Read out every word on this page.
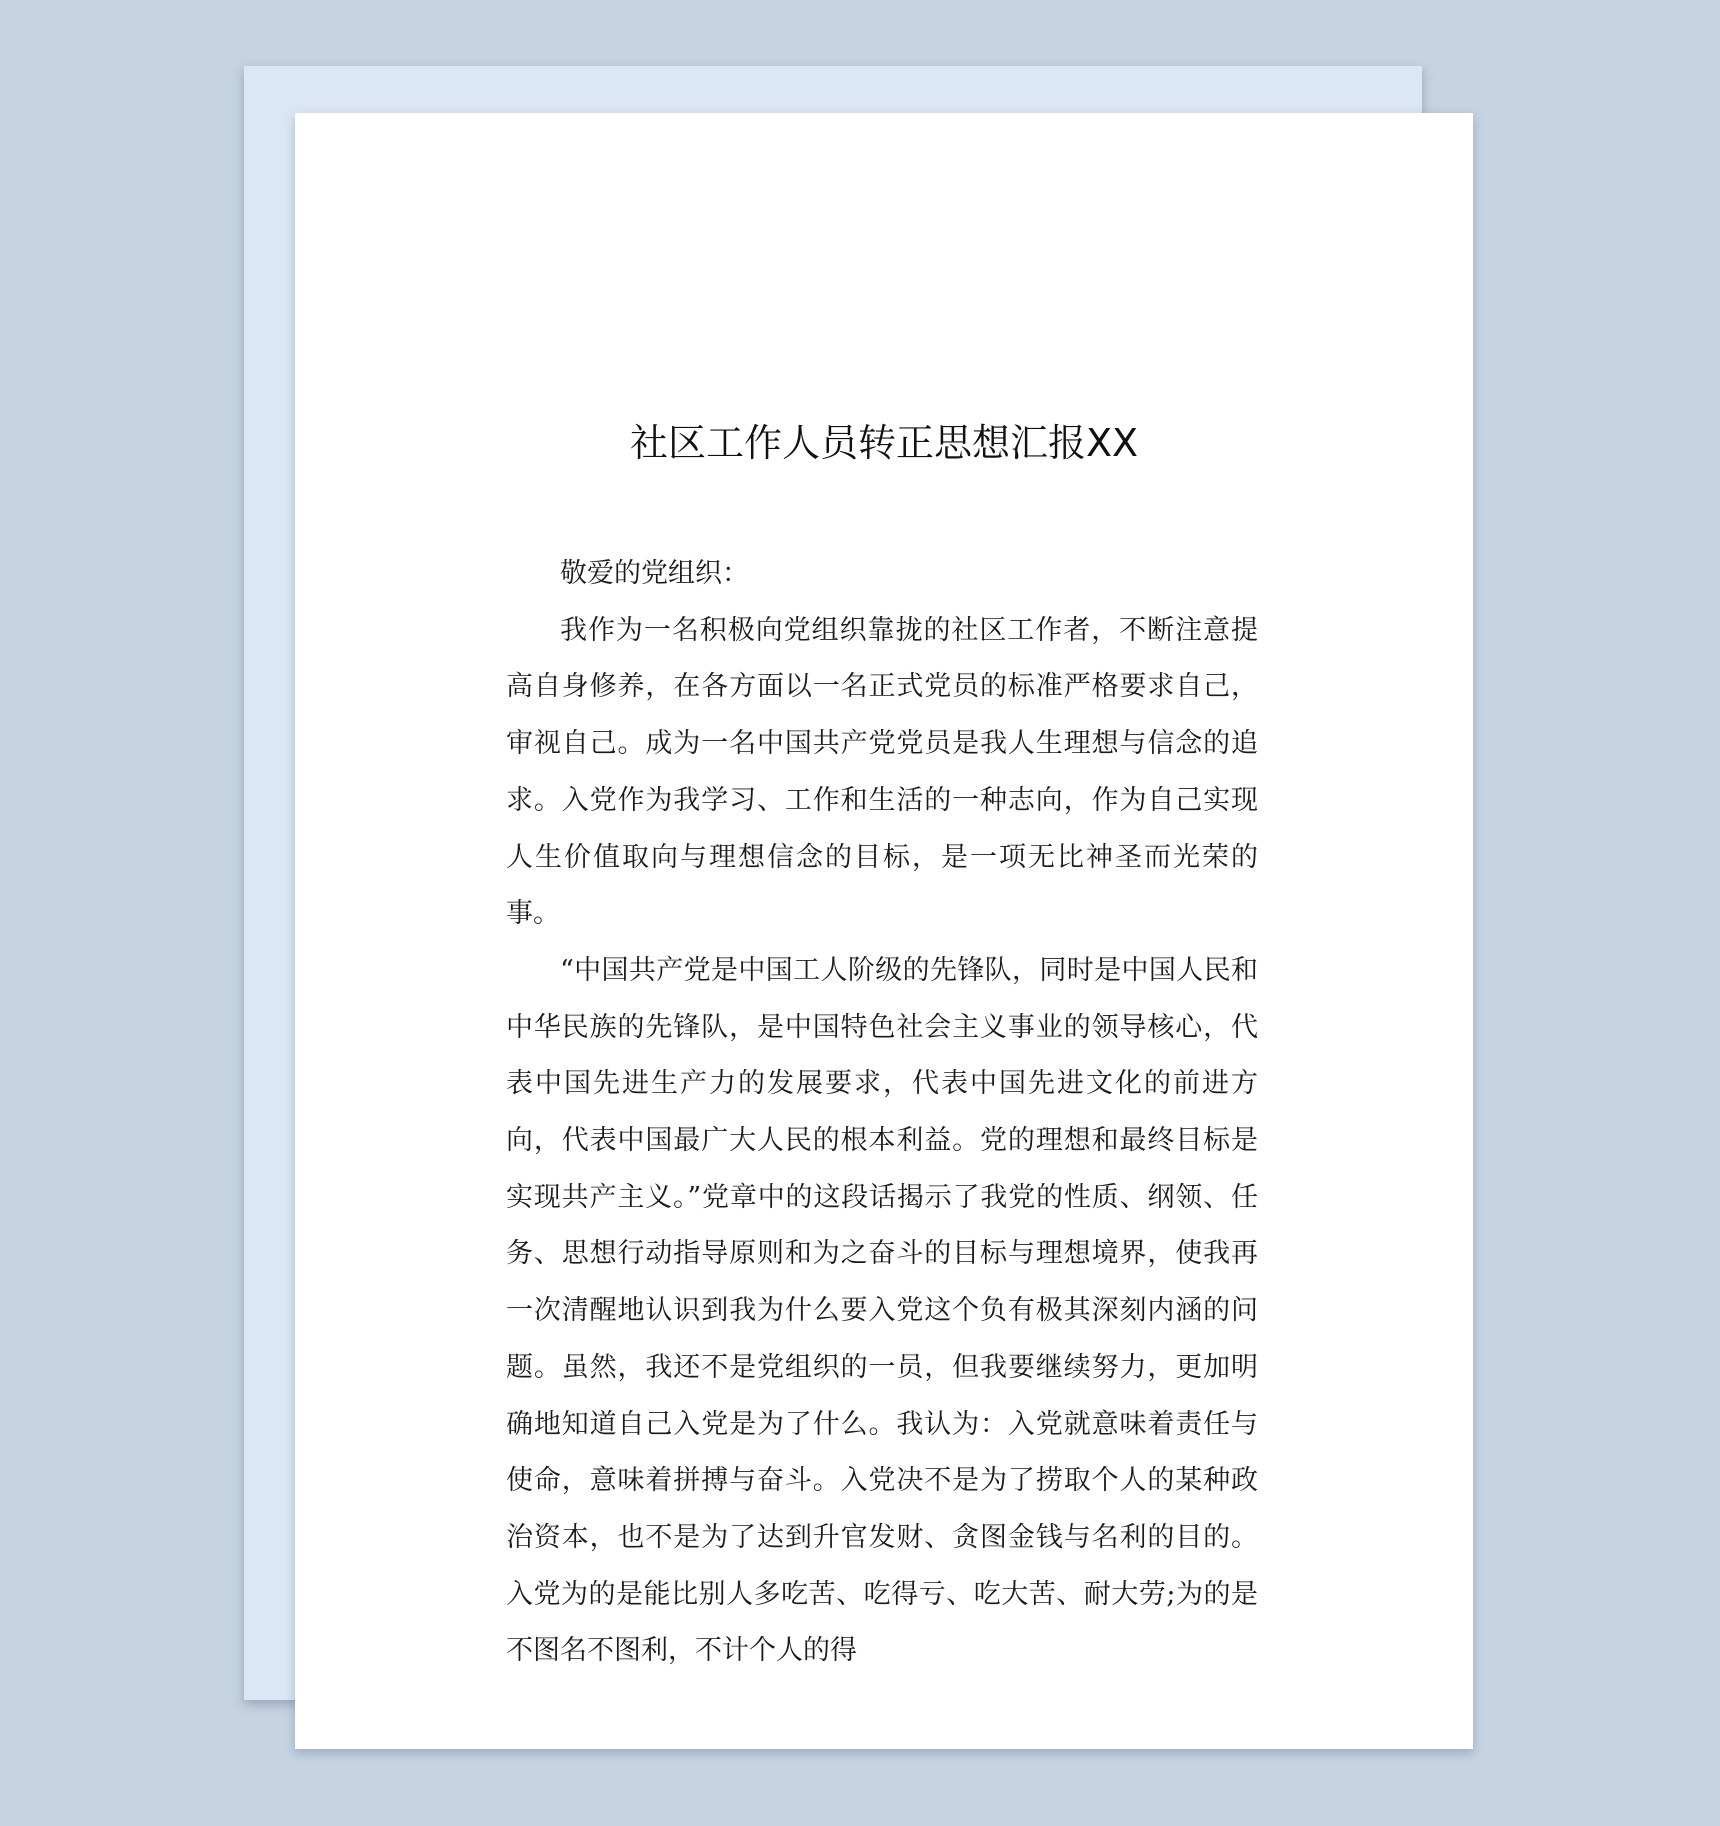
社区工作人员转正思想汇报XX

敬爱的党组织：

我作为一名积极向党组织靠拢的社区工作者，不断注意提高自身修养，在各方面以一名正式党员的标准严格要求自己，审视自己。成为一名中国共产党党员是我人生理想与信念的追求。入党作为我学习、工作和生活的一种志向，作为自己实现人生价值取向与理想信念的目标，是一项无比神圣而光荣的事。

“中国共产党是中国工人阶级的先锋队，同时是中国人民和中华民族的先锋队，是中国特色社会主义事业的领导核心，代表中国先进生产力的发展要求，代表中国先进文化的前进方向，代表中国最广大人民的根本利益。党的理想和最终目标是实现共产主义。”党章中的这段话揭示了我党的性质、纲领、任务、思想行动指导原则和为之奋斗的目标与理想境界，使我再一次清醒地认识到我为什么要入党这个负有极其深刻内涵的问题。虽然，我还不是党组织的一员，但我要继续努力，更加明确地知道自己入党是为了什么。我认为：入党就意味着责任与使命，意味着拼搏与奋斗。入党决不是为了捞取个人的某种政治资本，也不是为了达到升官发财、贪图金钱与名利的目的。入党为的是能比别人多吃苦、吃得亏、吃大苦、耐大劳;为的是不图名不图利，不计个人的得
